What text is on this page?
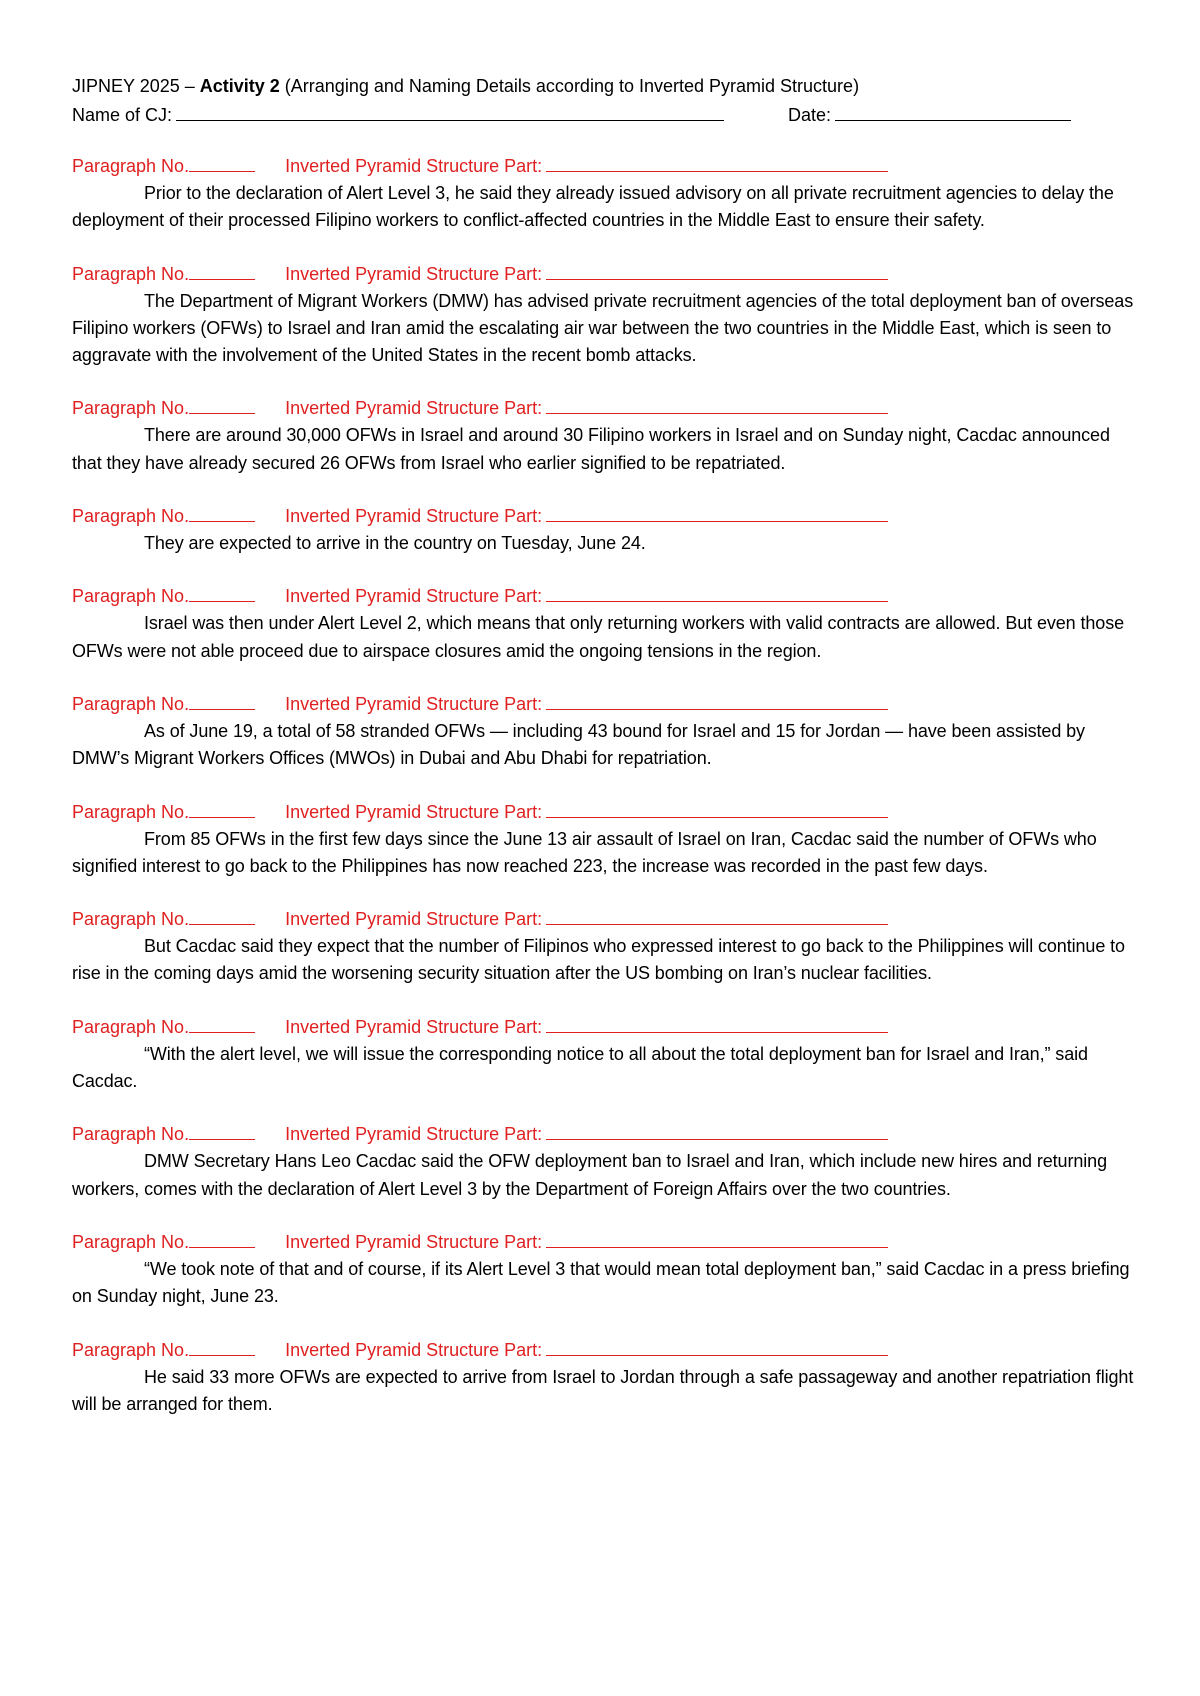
JIPNEY 2025 – Activity 2 (Arranging and Naming Details according to Inverted Pyramid Structure)
Name of CJ:	Date:
Paragraph No.	Inverted Pyramid Structure Part:

Prior to the declaration of Alert Level 3, he said they already issued advisory on all private recruitment agencies to delay the deployment of their processed Filipino workers to conflict-affected countries in the Middle East to ensure their safety.

Paragraph No.	Inverted Pyramid Structure Part:

The Department of Migrant Workers (DMW) has advised private recruitment agencies of the total deployment ban of overseas Filipino workers (OFWs) to Israel and Iran amid the escalating air war between the two countries in the Middle East, which is seen to aggravate with the involvement of the United States in the recent bomb attacks.

Paragraph No.	Inverted Pyramid Structure Part:

There are around 30,000 OFWs in Israel and around 30 Filipino workers in Israel and on Sunday night, Cacdac announced that they have already secured 26 OFWs from Israel who earlier signified to be repatriated.

Paragraph No.	Inverted Pyramid Structure Part:

They are expected to arrive in the country on Tuesday, June 24.

Paragraph No.	Inverted Pyramid Structure Part:

Israel was then under Alert Level 2, which means that only returning workers with valid contracts are allowed. But even those OFWs were not able proceed due to airspace closures amid the ongoing tensions in the region.

Paragraph No.	Inverted Pyramid Structure Part:

As of June 19, a total of 58 stranded OFWs — including 43 bound for Israel and 15 for Jordan — have been assisted by DMW’s Migrant Workers Offices (MWOs) in Dubai and Abu Dhabi for repatriation.

Paragraph No.	Inverted Pyramid Structure Part:

From 85 OFWs in the first few days since the June 13 air assault of Israel on Iran, Cacdac said the number of OFWs who signified interest to go back to the Philippines has now reached 223, the increase was recorded in the past few days.

Paragraph No.	Inverted Pyramid Structure Part:

But Cacdac said they expect that the number of Filipinos who expressed interest to go back to the Philippines will continue to rise in the coming days amid the worsening security situation after the US bombing on Iran’s nuclear facilities.

Paragraph No.	Inverted Pyramid Structure Part:

“With the alert level, we will issue the corresponding notice to all about the total deployment ban for Israel and Iran,” said Cacdac.

Paragraph No.	Inverted Pyramid Structure Part:

DMW Secretary Hans Leo Cacdac said the OFW deployment ban to Israel and Iran, which include new hires and returning workers, comes with the declaration of Alert Level 3 by the Department of Foreign Affairs over the two countries.

Paragraph No.	Inverted Pyramid Structure Part:

“We took note of that and of course, if its Alert Level 3 that would mean total deployment ban,” said Cacdac in a press briefing on Sunday night, June 23.

Paragraph No.	Inverted Pyramid Structure Part:

He said 33 more OFWs are expected to arrive from Israel to Jordan through a safe passageway and another repatriation flight will be arranged for them.
